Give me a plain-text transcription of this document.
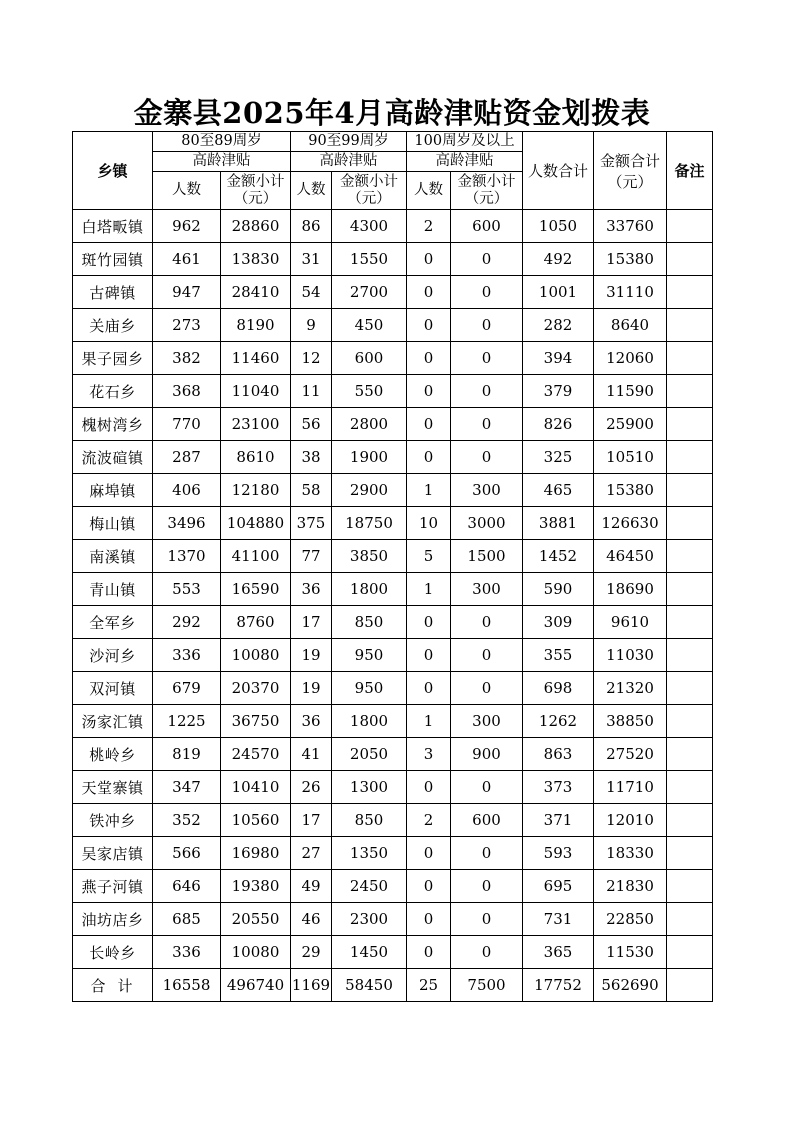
金寨县2025年4月高龄津贴资金划拨表
乡镇	80至89周岁		90至99周岁		100周岁及以上		人数合计	金额合计（元）	备注
	高龄津贴		高龄津贴		高龄津贴				
	人数	金额小计（元）	人数	金额小计（元）	人数	金额小计（元）			
白塔畈镇	962	28860	86	4300	2	600	1050	33760	
斑竹园镇	461	13830	31	1550	0	0	492	15380	
古碑镇	947	28410	54	2700	0	0	1001	31110	
关庙乡	273	8190	9	450	0	0	282	8640	
果子园乡	382	11460	12	600	0	0	394	12060	
花石乡	368	11040	11	550	0	0	379	11590	
槐树湾乡	770	23100	56	2800	0	0	826	25900	
流波碹镇	287	8610	38	1900	0	0	325	10510	
麻埠镇	406	12180	58	2900	1	300	465	15380	
梅山镇	3496	104880	375	18750	10	3000	3881	126630	
南溪镇	1370	41100	77	3850	5	1500	1452	46450	
青山镇	553	16590	36	1800	1	300	590	18690	
全军乡	292	8760	17	850	0	0	309	9610	
沙河乡	336	10080	19	950	0	0	355	11030	
双河镇	679	20370	19	950	0	0	698	21320	
汤家汇镇	1225	36750	36	1800	1	300	1262	38850	
桃岭乡	819	24570	41	2050	3	900	863	27520	
天堂寨镇	347	10410	26	1300	0	0	373	11710	
铁冲乡	352	10560	17	850	2	600	371	12010	
吴家店镇	566	16980	27	1350	0	0	593	18330	
燕子河镇	646	19380	49	2450	0	0	695	21830	
油坊店乡	685	20550	46	2300	0	0	731	22850	
长岭乡	336	10080	29	1450	0	0	365	11530	
合计	16558	496740	1169	58450	25	7500	17752	562690	
